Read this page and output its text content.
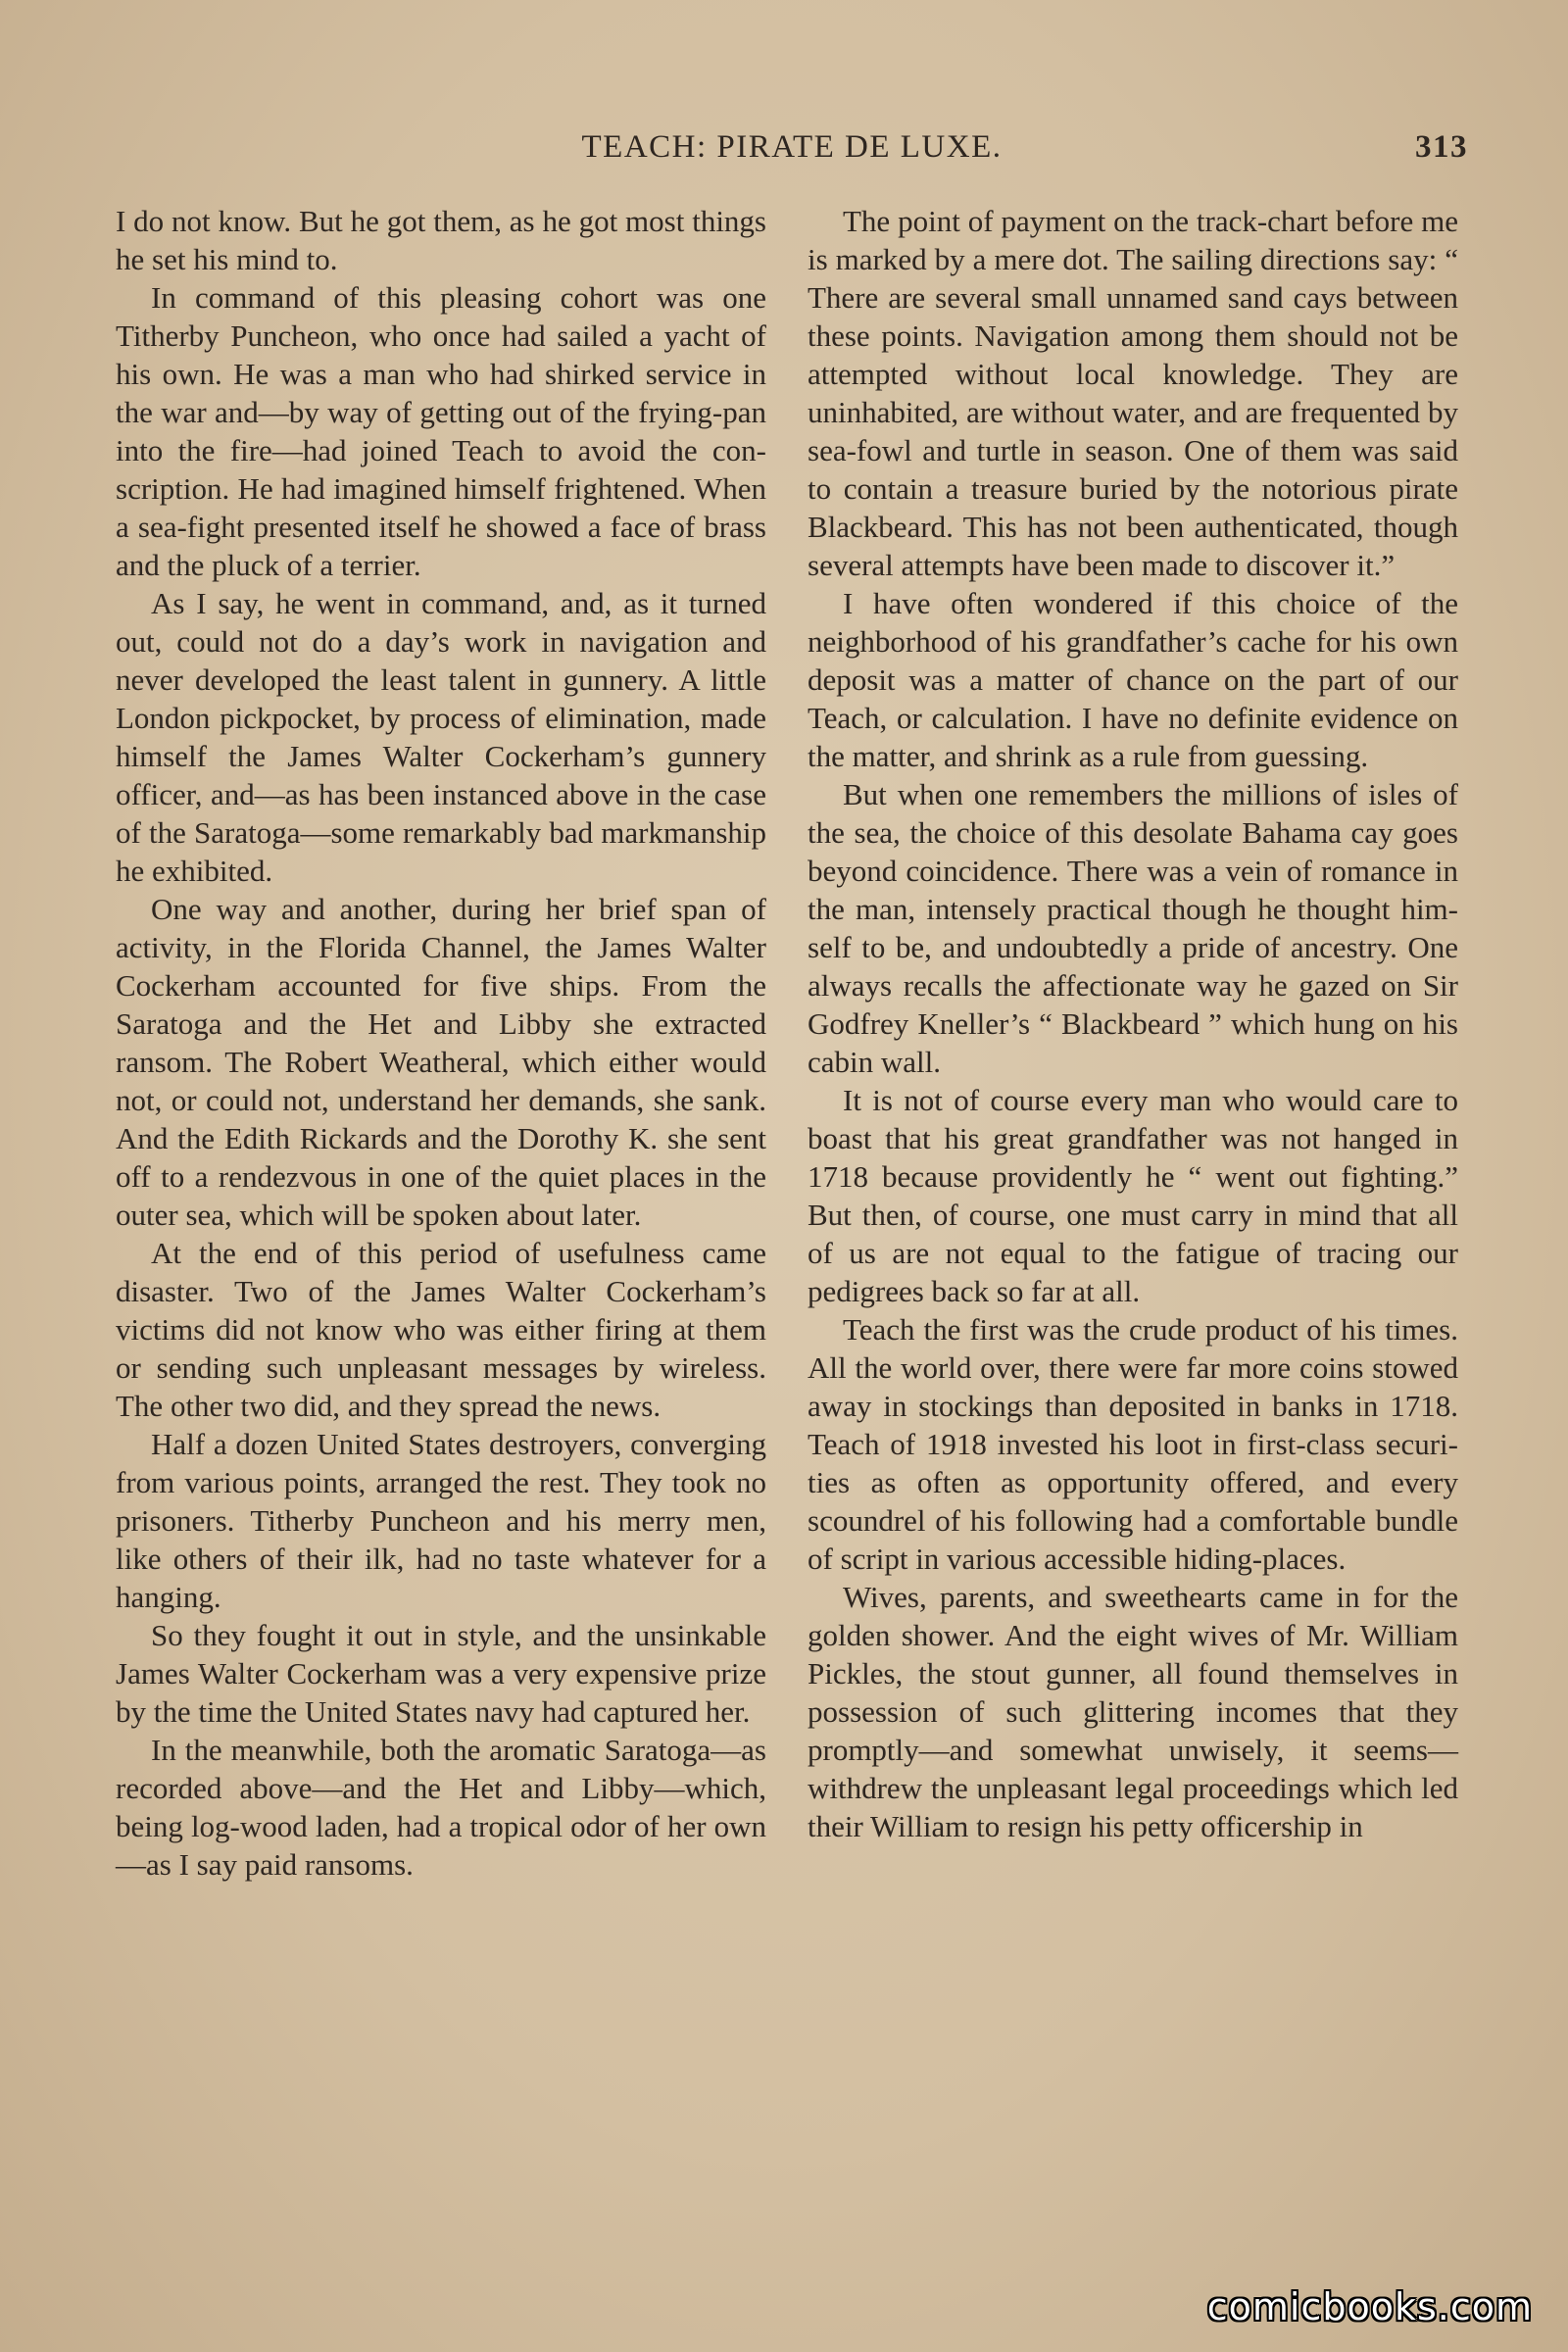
TEACH: PIRATE DE LUXE.	313

I do not know. But he got them, as he got most things he set his mind to.

In command of this pleasing cohort was one Titherby Puncheon, who once had sailed a yacht of his own. He was a man who had shirked service in the war and—by way of getting out of the frying-pan into the fire—had joined Teach to avoid the conscription. He had imagined himself frightened. When a sea-fight presented itself he showed a face of brass and the pluck of a terrier.

As I say, he went in command, and, as it turned out, could not do a day’s work in navigation and never developed the least talent in gunnery. A little London pickpocket, by process of elimination, made himself the James Walter Cockerham’s gunnery officer, and—as has been instanced above in the case of the Saratoga—some remarkably bad markmanship he exhibited.

One way and another, during her brief span of activity, in the Florida Channel, the James Walter Cockerham accounted for five ships. From the Saratoga and the Het and Libby she extracted ransom. The Robert Weatheral, which either would not, or could not, understand her demands, she sank. And the Edith Rickards and the Dorothy K. she sent off to a rendezvous in one of the quiet places in the outer sea, which will be spoken about later.

At the end of this period of usefulness came disaster. Two of the James Walter Cockerham’s victims did not know who was either firing at them or sending such unpleasant messages by wireless. The other two did, and they spread the news.

Half a dozen United States destroyers, converging from various points, arranged the rest. They took no prisoners. Titherby Puncheon and his merry men, like others of their ilk, had no taste whatever for a hanging.

So they fought it out in style, and the unsinkable James Walter Cockerham was a very expensive prize by the time the United States navy had captured her.

In the meanwhile, both the aromatic Saratoga—as recorded above—and the Het and Libby—which, being log-wood laden, had a tropical odor of her own—as I say paid ransoms.

The point of payment on the track-chart before me is marked by a mere dot. The sailing directions say: “ There are several small unnamed sand cays between these points. Navigation among them should not be attempted without local knowledge. They are uninhabited, are without water, and are frequented by sea-fowl and turtle in season. One of them was said to contain a treasure buried by the notorious pirate Blackbeard. This has not been authenticated, though several attempts have been made to discover it.”

I have often wondered if this choice of the neighborhood of his grandfather’s cache for his own deposit was a matter of chance on the part of our Teach, or calculation. I have no definite evidence on the matter, and shrink as a rule from guessing.

But when one remembers the millions of isles of the sea, the choice of this desolate Bahama cay goes beyond coincidence. There was a vein of romance in the man, intensely practical though he thought himself to be, and undoubtedly a pride of ancestry. One always recalls the affectionate way he gazed on Sir Godfrey Kneller’s “ Blackbeard ” which hung on his cabin wall.

It is not of course every man who would care to boast that his great grandfather was not hanged in 1718 because providently he “ went out fighting.” But then, of course, one must carry in mind that all of us are not equal to the fatigue of tracing our pedigrees back so far at all.

Teach the first was the crude product of his times. All the world over, there were far more coins stowed away in stockings than deposited in banks in 1718. Teach of 1918 invested his loot in first-class securities as often as opportunity offered, and every scoundrel of his following had a comfortable bundle of script in various accessible hiding-places.

Wives, parents, and sweethearts came in for the golden shower. And the eight wives of Mr. William Pickles, the stout gunner, all found themselves in possession of such glittering incomes that they promptly—and somewhat unwisely, it seems—withdrew the unpleasant legal proceedings which led their William to resign his petty officership in

comicbooks.com
